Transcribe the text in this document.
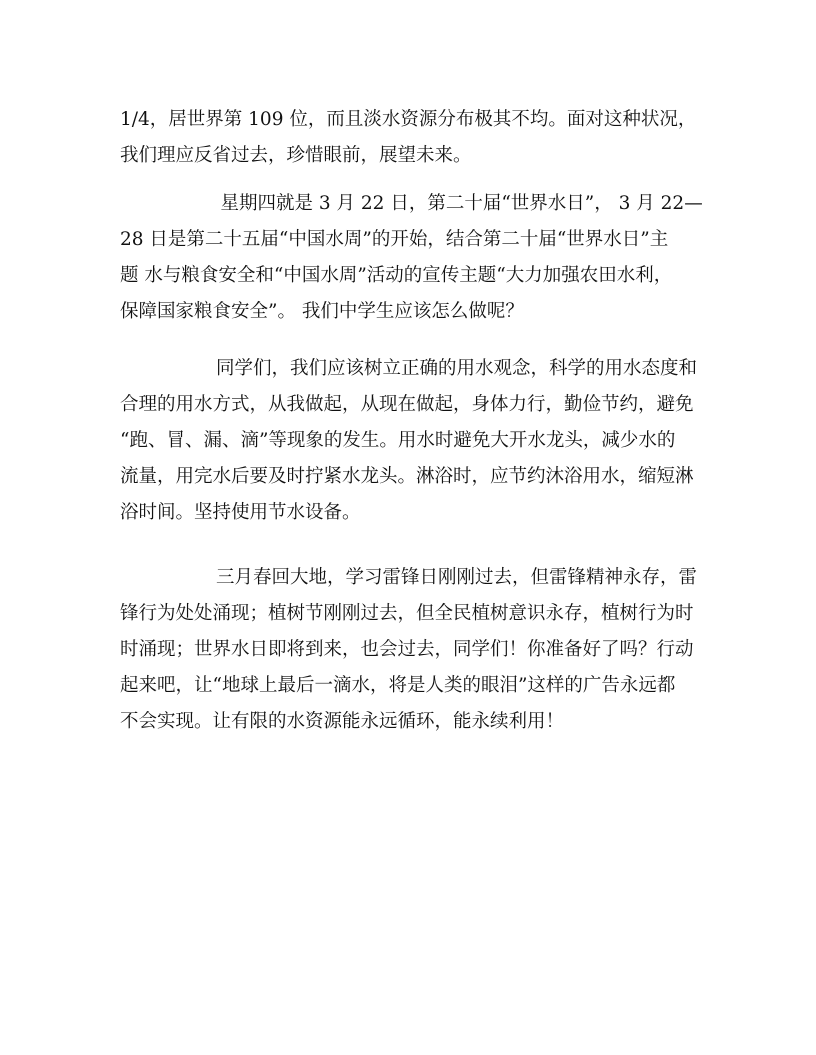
1/4，居世界第 109 位，而且淡水资源分布极其不均。面对这种状况，
我们理应反省过去，珍惜眼前，展望未来。
　星期四就是 3 月 22 日，第二十届“世界水日”， 3 月 22—
28 日是第二十五届“中国水周”的开始，结合第二十届“世界水日”主
题 水与粮食安全和“中国水周”活动的宣传主题“大力加强农田水利，
保障国家粮食安全”。 我们中学生应该怎么做呢？
同学们，我们应该树立正确的用水观念，科学的用水态度和
合理的用水方式，从我做起，从现在做起，身体力行，勤俭节约，避免
“跑、冒、漏、滴”等现象的发生。用水时避免大开水龙头，减少水的
流量，用完水后要及时拧紧水龙头。淋浴时，应节约沐浴用水，缩短淋
浴时间。坚持使用节水设备。
三月春回大地，学习雷锋日刚刚过去，但雷锋精神永存，雷
锋行为处处涌现；植树节刚刚过去，但全民植树意识永存，植树行为时
时涌现；世界水日即将到来，也会过去，同学们！你准备好了吗？行动
起来吧，让“地球上最后一滴水，将是人类的眼泪”这样的广告永远都
不会实现。让有限的水资源能永远循环，能永续利用！
